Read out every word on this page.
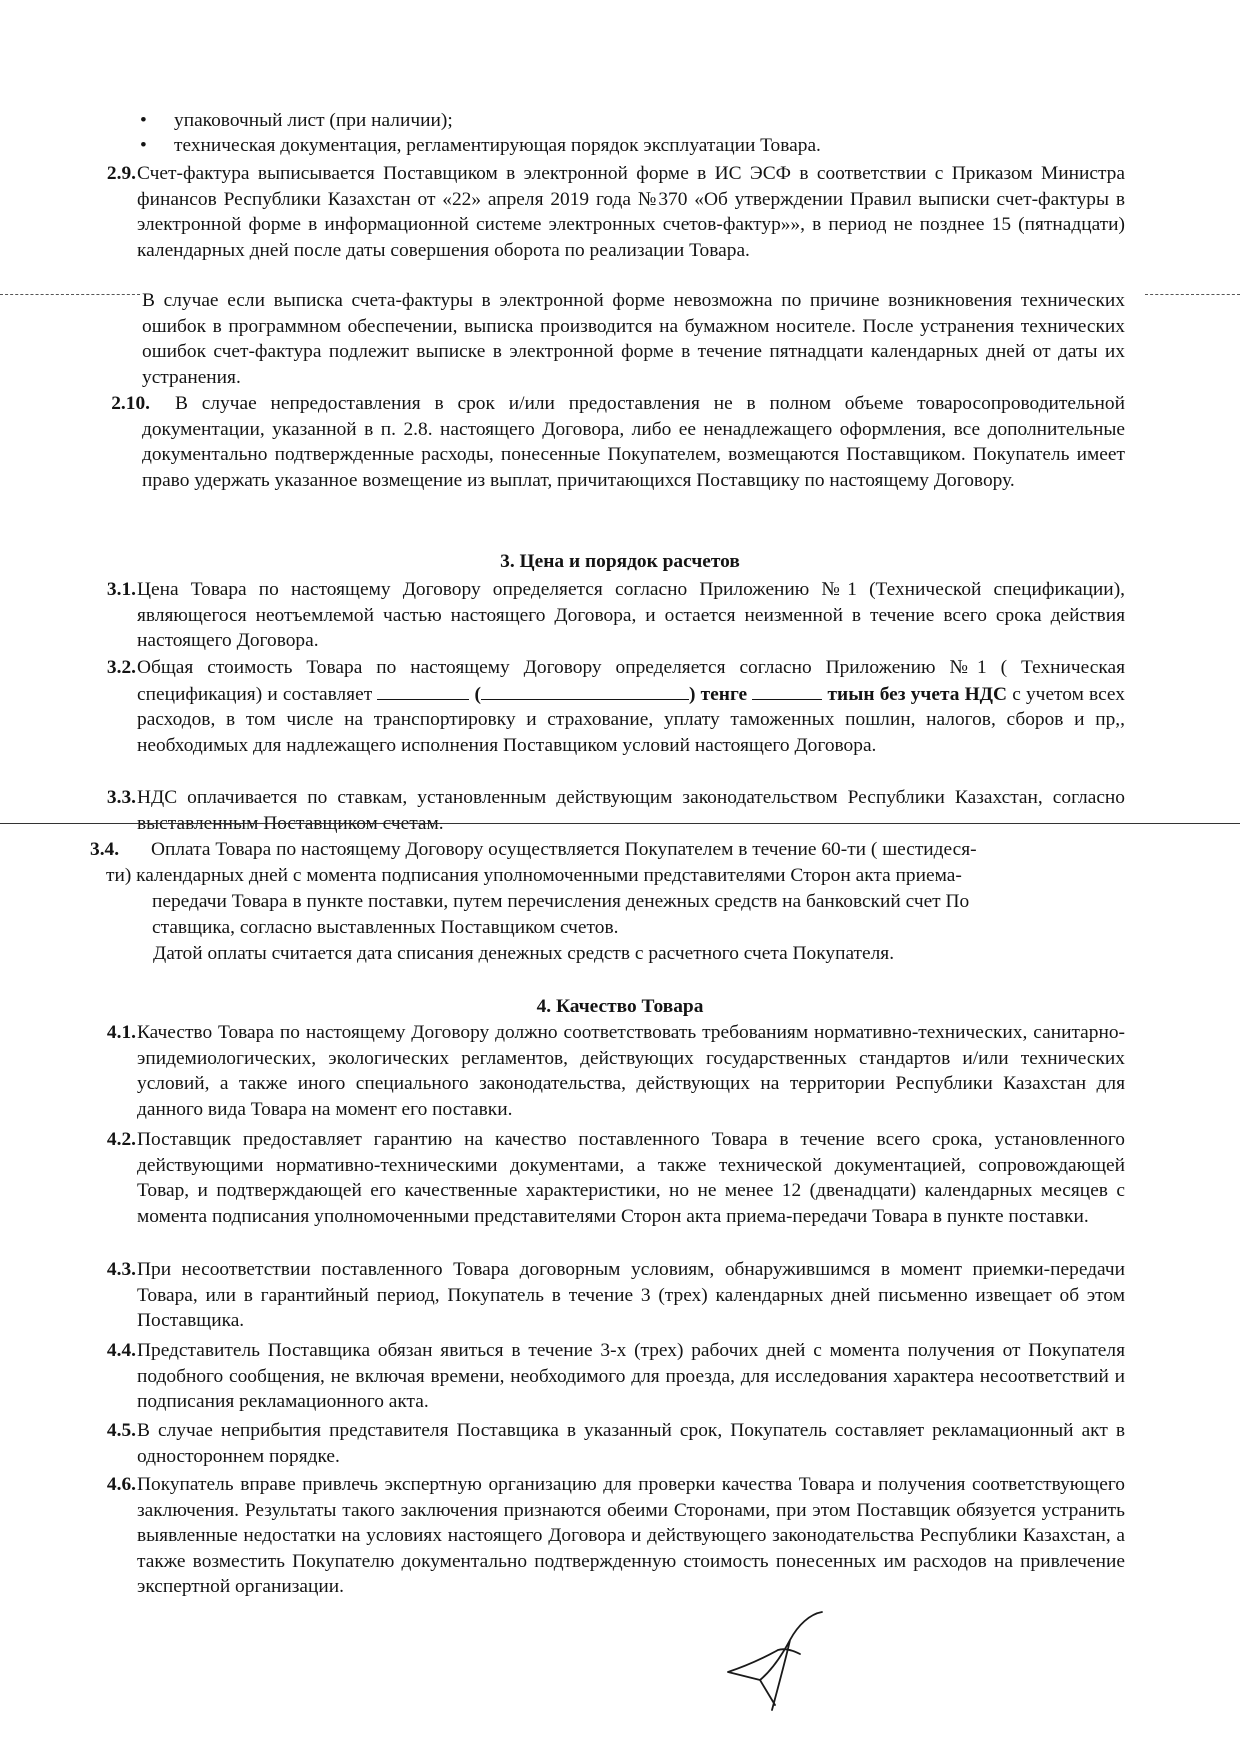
• упаковочный лист (при наличии);
• техническая документация, регламентирующая порядок эксплуатации Товара.
2.9. Счет-фактура выписывается Поставщиком в электронной форме в ИС ЭСФ в соответствии с Приказом Министра финансов Республики Казахстан от «22» апреля 2019 года №370 «Об утверждении Правил выписки счет-фактуры в электронной форме в информационной системе электронных счетов-фактур»», в период не позднее 15 (пятнадцати) календарных дней после даты совершения оборота по реализации Товара.
В случае если выписка счета-фактуры в электронной форме невозможна по причине возникновения технических ошибок в программном обеспечении, выписка производится на бумажном носителе. После устранения технических ошибок счет-фактура подлежит выписке в электронной форме в течение пятнадцати календарных дней от даты их устранения.
2.10.	В случае непредоставления в срок и/или предоставления не в полном объеме товаросопроводительной документации, указанной в п. 2.8. настоящего Договора, либо ее ненадлежащего оформления, все дополнительные документально подтвержденные расходы, понесенные Покупателем, возмещаются Поставщиком. Покупатель имеет право удержать указанное возмещение из выплат, причитающихся Поставщику по настоящему Договору.
3. Цена и порядок расчетов
3.1. Цена Товара по настоящему Договору определяется согласно Приложению №1 (Технической спецификации), являющегося неотъемлемой частью настоящего Договора, и остается неизменной в течение всего срока действия настоящего Договора.
3.2. Общая стоимость Товара по настоящему Договору определяется согласно Приложению №1 ( Техническая спецификация) и составляет	(	) тенге	тиын без учета НДС с учетом всех расходов, в том числе на транспортировку и страхование, уплату таможенных пошлин, налогов, сборов и пр,, необходимых для надлежащего исполнения Поставщиком условий настоящего Договора.
3.3. НДС оплачивается по ставкам, установленным действующим законодательством Республики Казахстан, согласно выставленным Поставщиком счетам.
3.4.	Оплата Товара по настоящему Договору осуществляется Покупателем в течение 60-ти ( шестидеся-
ти) календарных дней с момента подписания уполномоченными представителями Сторон акта приема-
передачи Товара в пункте поставки, путем перечисления денежных средств на банковский счет По
ставщика, согласно выставленных Поставщиком счетов.
Датой оплаты считается дата списания денежных средств с расчетного счета Покупателя.
4. Качество Товара
4.1. Качество Товара по настоящему Договору должно соответствовать требованиям нормативно-технических, санитарно-эпидемиологических, экологических регламентов, действующих государственных стандартов и/или технических условий, а также иного специального законодательства, действующих на территории Республики Казахстан для данного вида Товара на момент его поставки.
4.2. Поставщик предоставляет гарантию на качество поставленного Товара в течение всего срока, установленного действующими нормативно-техническими документами, а также технической документацией, сопровождающей Товар, и подтверждающей его качественные характеристики, но не менее 12 (двенадцати) календарных месяцев с момента подписания уполномоченными представителями Сторон акта приема-передачи Товара в пункте поставки.
4.3. При несоответствии поставленного Товара договорным условиям, обнаружившимся в момент приемки-передачи Товара, или в гарантийный период, Покупатель в течение 3 (трех) календарных дней письменно извещает об этом Поставщика.
4.4. Представитель Поставщика обязан явиться в течение 3-х (трех) рабочих дней с момента получения от Покупателя подобного сообщения, не включая времени, необходимого для проезда, для исследования характера несоответствий и подписания рекламационного акта.
4.5. В случае неприбытия представителя Поставщика в указанный срок, Покупатель составляет рекламационный акт в одностороннем порядке.
4.6. Покупатель вправе привлечь экспертную организацию для проверки качества Товара и получения соответствующего заключения. Результаты такого заключения признаются обеими Сторонами, при этом Поставщик обязуется устранить выявленные недостатки на условиях настоящего Договора и действующего законодательства Республики Казахстан, а также возместить Покупателю документально подтвержденную стоимость понесенных им расходов на привлечение экспертной организации.
